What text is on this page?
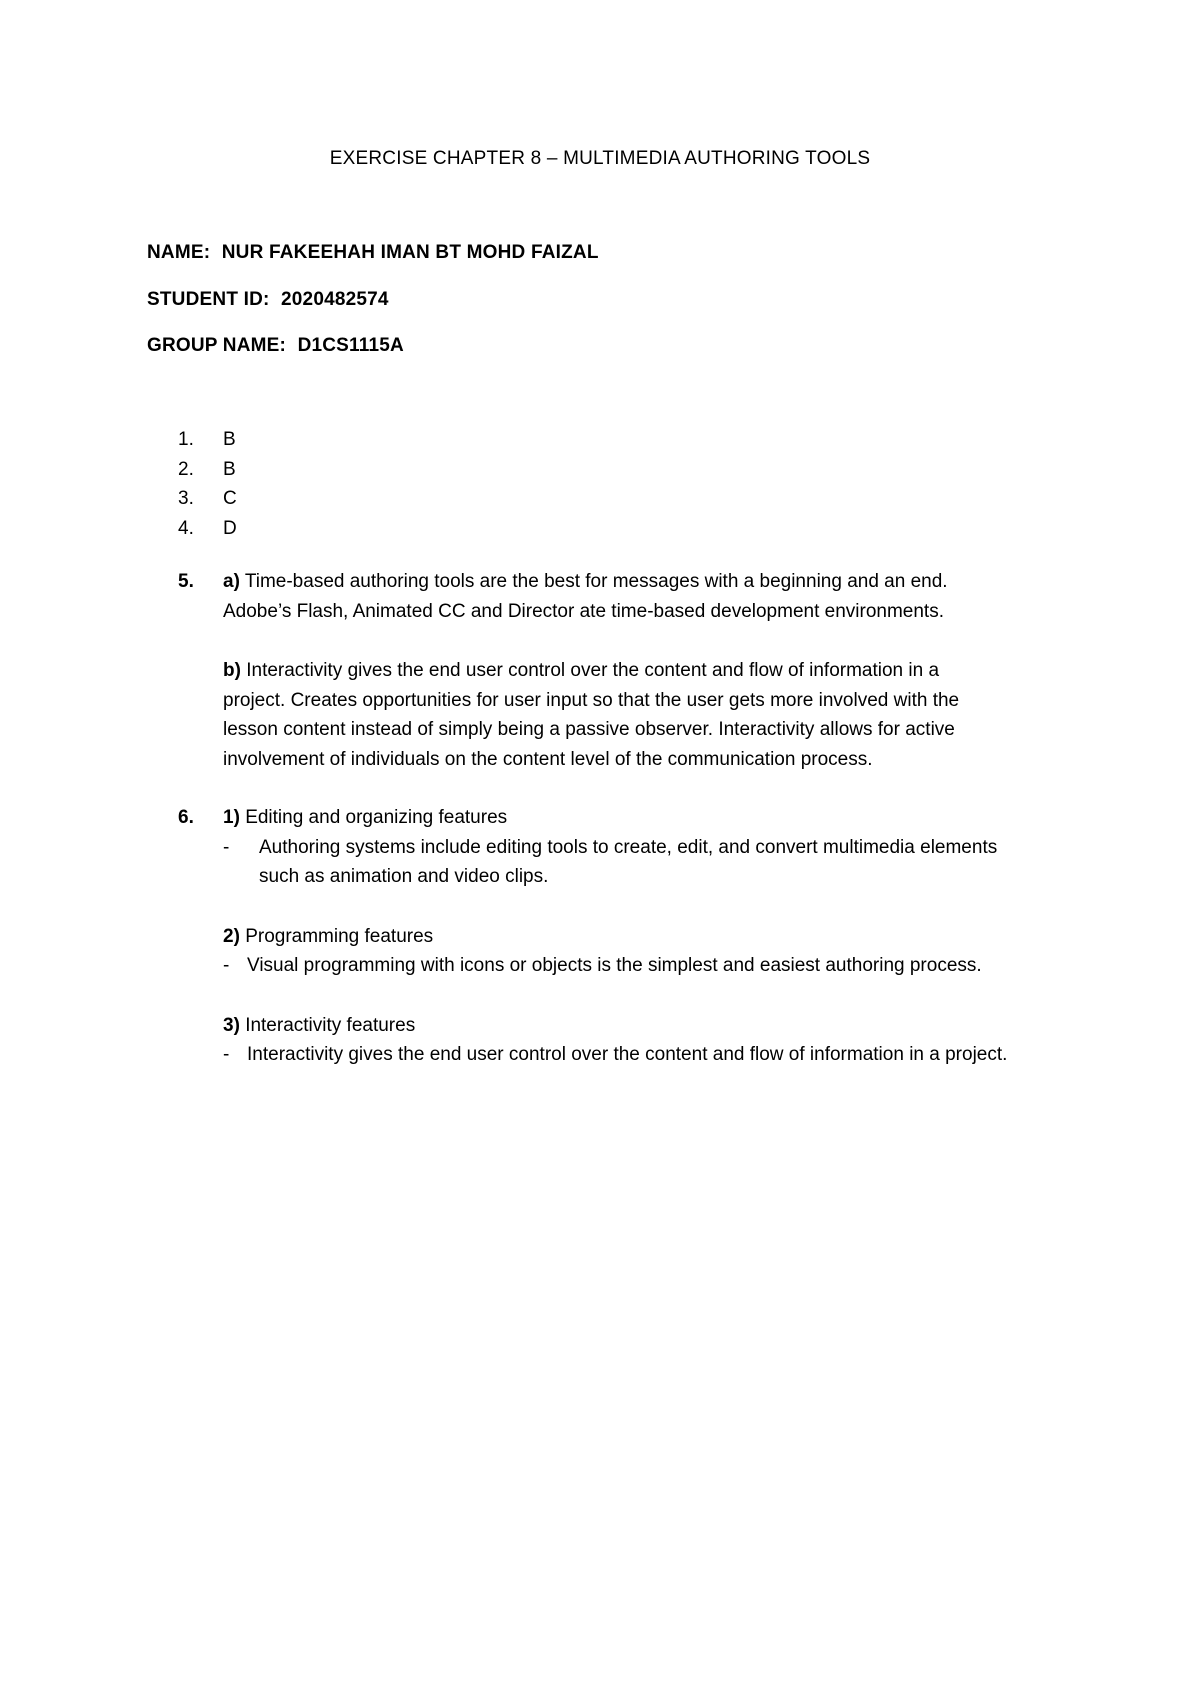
EXERCISE CHAPTER 8 – MULTIMEDIA AUTHORING TOOLS
NAME: NUR FAKEEHAH IMAN BT MOHD FAIZAL
STUDENT ID: 2020482574
GROUP NAME: D1CS1115A
1.	B
2.	B
3.	C
4.	D
5. a) Time-based authoring tools are the best for messages with a beginning and an end.

Adobe’s Flash, Animated CC and Director ate time-based development environments.

b) Interactivity gives the end user control over the content and flow of information in a

project. Creates opportunities for user input so that the user gets more involved with the

lesson content instead of simply being a passive observer. Interactivity allows for active

involvement of individuals on the content level of the communication process.

6. 1) Editing and organizing features

-	Authoring systems include editing tools to create, edit, and convert multimedia elements

such as animation and video clips.

2) Programming features

- Visual programming with icons or objects is the simplest and easiest authoring process.

3) Interactivity features

- Interactivity gives the end user control over the content and flow of information in a project.
